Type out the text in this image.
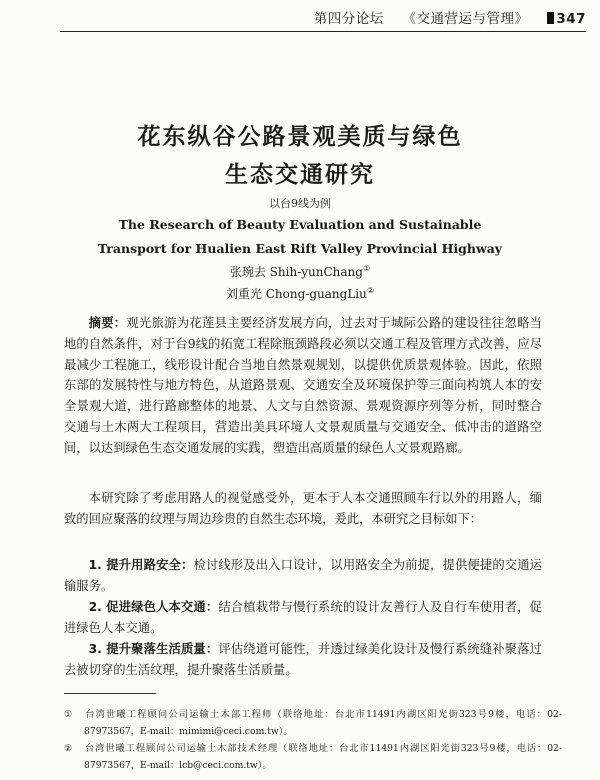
第四分论坛 《交通营运与管理》 347
花东纵谷公路景观美质与绿色
生态交通研究
以台9线为例
The Research of Beauty Evaluation and Sustainable
Transport for Hualien East Rift Valley Provincial Highway
张琬去 Shih-yunChang①
刘重光 Chong-guangLiu②
摘要：观光旅游为花莲县主要经济发展方向，过去对于城际公路的建设往往忽略当地的自然条件，对于台9线的拓宽工程除瓶颈路段必须以交通工程及管理方式改善，应尽最减少工程施工，线形设计配合当地自然景观规划，以提供优质景观体验。因此，依照东部的发展特性与地方特色，从道路景观、交通安全及环境保护等三面向构筑人本的安全景观大道，进行路廊整体的地景、人文与自然资源、景观资源序列等分析，同时整合交通与土木两大工程项目，营造出美具环境人文景观质量与交通安全、低冲击的道路空间，以达到绿色生态交通发展的实践，塑造出高质量的绿色人文景观路廊。
本研究除了考虑用路人的视觉感受外，更本于人本交通照顾车行以外的用路人，缅致的回应聚落的纹理与周边珍贵的自然生态环境，爰此，本研究之目标如下：
1. 提升用路安全：检讨线形及出入口设计，以用路安全为前提，提供便捷的交通运输服务。
2. 促进绿色人本交通：结合植栽带与慢行系统的设计友善行人及自行车使用者，促进绿色人本交通。
3. 提升聚落生活质量：评估绕道可能性，并透过绿美化设计及慢行系统缝补聚落过去被切穿的生活纹理，提升聚落生活质量。
① 台湾世曦工程顾问公司运输土木部工程师（联络地址：台北市11491内湖区阳光街323号9楼，电话：02-87973567，E-mail：mimimi@ceci.com.tw）。
② 台湾世曦工程顾问公司运输土木部技术经理（联络地址：台北市11491内湖区阳光街323号9楼，电话：02-87973567，E-mail：lcb@ceci.com.tw）。
